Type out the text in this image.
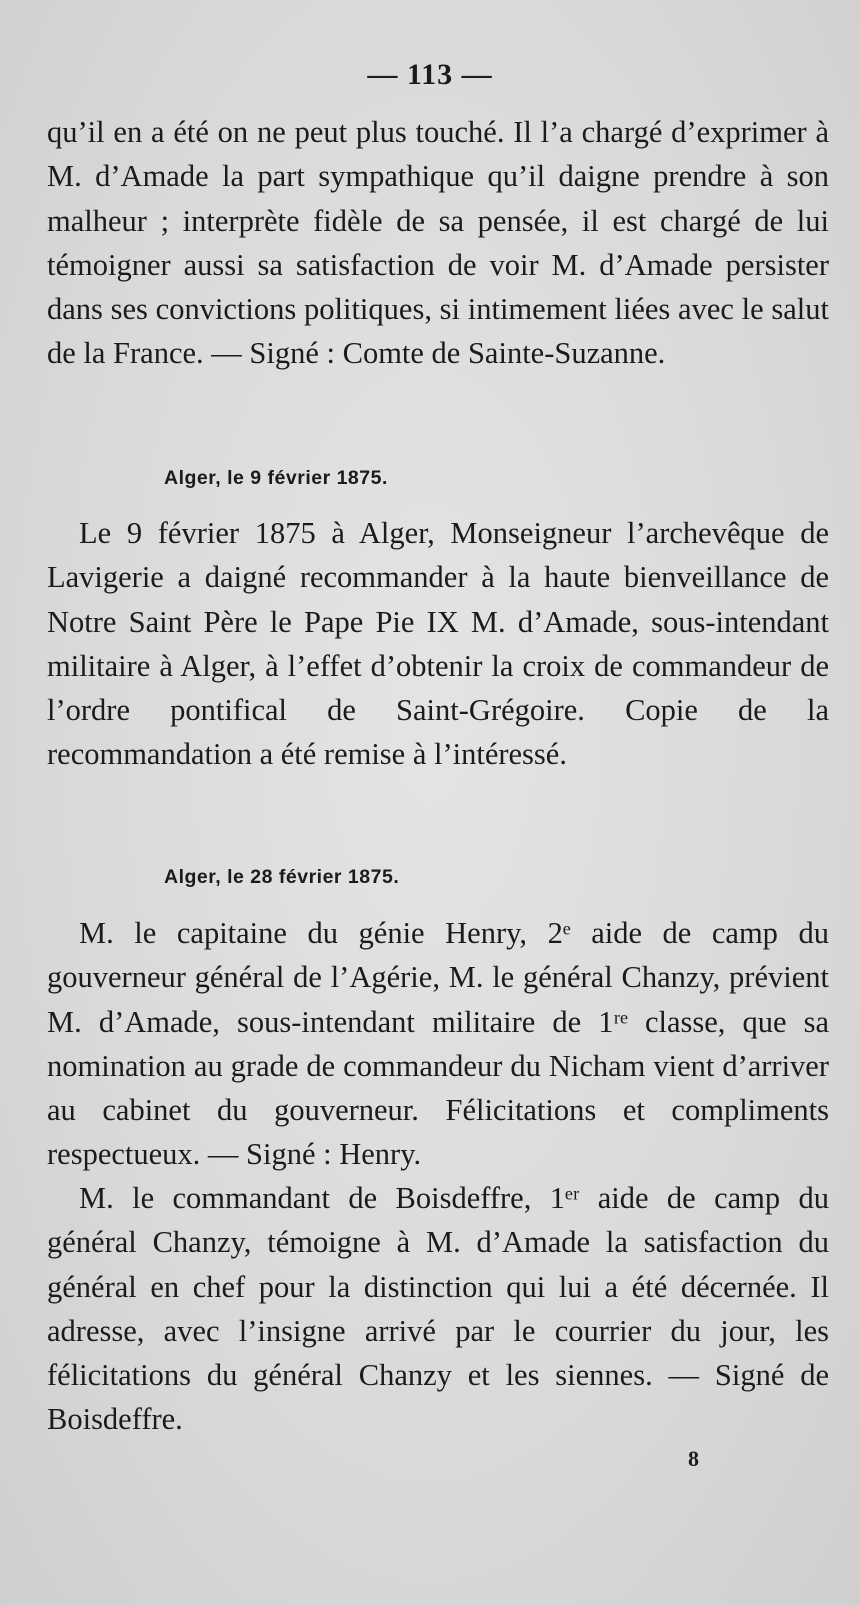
— 113 —

qu’il en a été on ne peut plus touché. Il l’a chargé d’exprimer à M. d’Amade la part sympathique qu’il daigne prendre à son malheur ; interprète fidèle de sa pensée, il est chargé de lui témoigner aussi sa satisfaction de voir M. d’Amade persister dans ses convictions politiques, si intimement liées avec le salut de la France. — Signé : Comte de Sainte-Suzanne.

Alger, le 9 février 1875.

Le 9 février 1875 à Alger, Monseigneur l’archevêque de Lavigerie a daigné recommander à la haute bienveillance de Notre Saint Père le Pape Pie IX M. d’Amade, sous-intendant militaire à Alger, à l’effet d’obtenir la croix de commandeur de l’ordre pontifical de Saint-Grégoire. Copie de la recommandation a été remise à l’intéressé.

Alger, le 28 février 1875.

M. le capitaine du génie Henry, 2ᵉ aide de camp du gouverneur général de l’Agérie, M. le général Chanzy, prévient M. d’Amade, sous-intendant militaire de 1ʳᵉ classe, que sa nomination au grade de commandeur du Nicham vient d’arriver au cabinet du gouverneur. Félicitations et compliments respectueux. — Signé : Henry.

M. le commandant de Boisdeffre, 1ᵉʳ aide de camp du général Chanzy, témoigne à M. d’Amade la satisfaction du général en chef pour la distinction qui lui a été décernée. Il adresse, avec l’insigne arrivé par le courrier du jour, les félicitations du général Chanzy et les siennes. — Signé de Boisdeffre.

8
